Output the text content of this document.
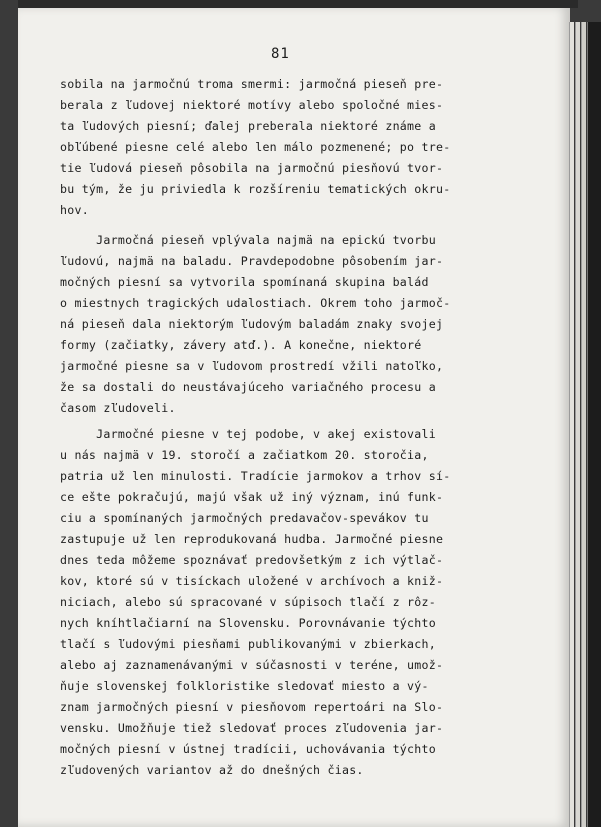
81
sobila na jarmočnú troma smermi: jarmočná pieseň pre-
berala z ľudovej niektoré motívy alebo spoločné mies-
ta ľudových piesní; ďalej preberala niektoré známe a
obľúbené piesne celé alebo len málo pozmenené; po tre-
tie ľudová pieseň pôsobila na jarmočnú piesňovú tvor-
bu tým, že ju priviedla k rozšíreniu tematických okru-
hov.
Jarmočná pieseň vplývala najmä na epickú tvorbu
ľudovú, najmä na baladu. Pravdepodobne pôsobením jar-
močných piesní sa vytvorila spomínaná skupina balád
o miestnych tragických udalostiach. Okrem toho jarmoč-
ná pieseň dala niektorým ľudovým baladám znaky svojej
formy (začiatky, závery atď.). A konečne, niektoré
jarmočné piesne sa v ľudovom prostredí vžili natoľko,
že sa dostali do neustávajúceho variačného procesu a
časom zľudoveli.
Jarmočné piesne v tej podobe, v akej existovali
u nás najmä v 19. storočí a začiatkom 20. storočia,
patria už len minulosti. Tradície jarmokov a trhov sí-
ce ešte pokračujú, majú však už iný význam, inú funk-
ciu a spomínaných jarmočných predavačov-spevákov tu
zastupuje už len reprodukovaná hudba. Jarmočné piesne
dnes teda môžeme spoznávať predovšetkým z ich výtlač-
kov, ktoré sú v tisíckach uložené v archívoch a kniž-
niciach, alebo sú spracované v súpisoch tlačí z rôz-
nych kníhtlačiarní na Slovensku. Porovnávanie týchto
tlačí s ľudovými piesňami publikovanými v zbierkach,
alebo aj zaznamenávanými v súčasnosti v teréne, umož-
ňuje slovenskej folkloristike sledovať miesto a vý-
znam jarmočných piesní v piesňovom repertoári na Slo-
vensku. Umožňuje tiež sledovať proces zľudovenia jar-
močných piesní v ústnej tradícii, uchovávania týchto
zľudovených variantov až do dnešných čias.
